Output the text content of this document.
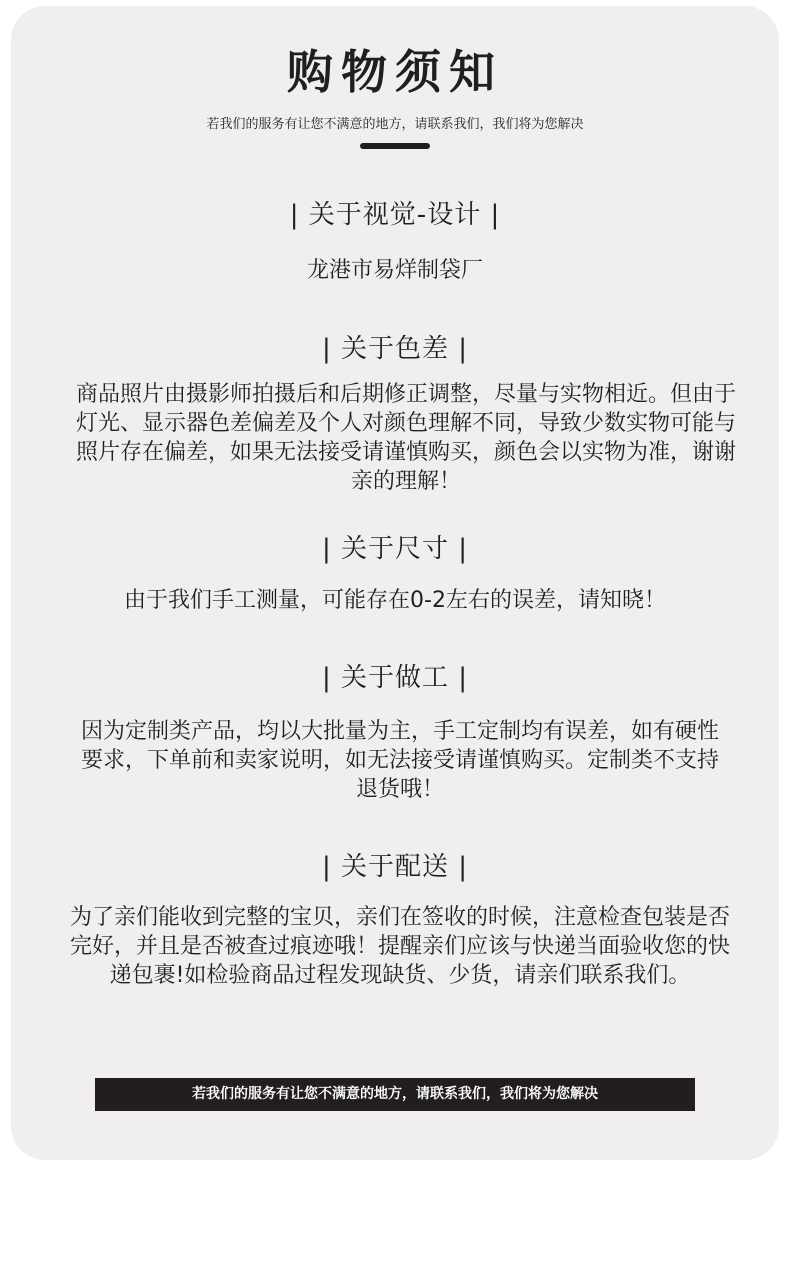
购物须知
若我们的服务有让您不满意的地方，请联系我们，我们将为您解决
| 关于视觉-设计 |
龙港市易烊制袋厂
| 关于色差 |
商品照片由摄影师拍摄后和后期修正调整，尽量与实物相近。但由于灯光、显示器色差偏差及个人对颜色理解不同，导致少数实物可能与照片存在偏差，如果无法接受请谨慎购买，颜色会以实物为准，谢谢亲的理解！
| 关于尺寸 |
由于我们手工测量，可能存在0-2左右的误差，请知晓！
| 关于做工 |
因为定制类产品，均以大批量为主，手工定制均有误差，如有硬性要求，下单前和卖家说明，如无法接受请谨慎购买。定制类不支持退货哦！
| 关于配送 |
为了亲们能收到完整的宝贝，亲们在签收的时候，注意检查包装是否完好，并且是否被查过痕迹哦！提醒亲们应该与快递当面验收您的快递包裹!如检验商品过程发现缺货、少货，请亲们联系我们。
若我们的服务有让您不满意的地方，请联系我们，我们将为您解决
